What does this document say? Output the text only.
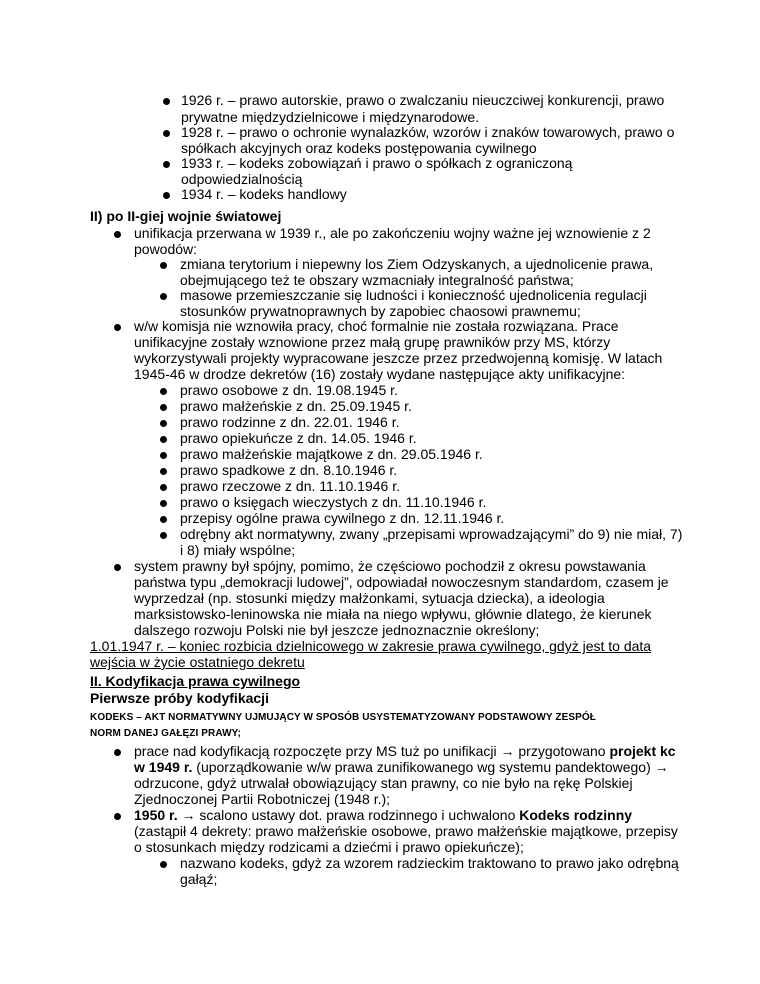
1926 r. – prawo autorskie, prawo o zwalczaniu nieuczciwej konkurencji, prawo
prywatne międzydzielnicowe i międzynarodowe.
1928 r. – prawo o ochronie wynalazków, wzorów i znaków towarowych, prawo o
spółkach akcyjnych oraz kodeks postępowania cywilnego
1933 r. – kodeks zobowiązań i prawo o spółkach z ograniczoną
odpowiedzialnością
1934 r. – kodeks handlowy
II) po II-giej wojnie światowej
unifikacja przerwana w 1939 r., ale po zakończeniu wojny ważne jej wznowienie z 2
powodów:
zmiana terytorium i niepewny los Ziem Odzyskanych, a ujednolicenie prawa,
obejmującego też te obszary wzmacniały integralność państwa;
masowe przemieszczanie się ludności i konieczność ujednolicenia regulacji
stosunków prywatnoprawnych by zapobiec chaosowi prawnemu;
w/w komisja nie wznowiła pracy, choć formalnie nie została rozwiązana. Prace
unifikacyjne zostały wznowione przez małą grupę prawników przy MS, którzy
wykorzystywali projekty wypracowane jeszcze przez przedwojenną komisję. W latach
1945-46 w drodze dekretów (16) zostały wydane następujące akty unifikacyjne:
prawo osobowe z dn. 19.08.1945 r.
prawo małżeńskie z dn. 25.09.1945 r.
prawo rodzinne z dn. 22.01. 1946 r.
prawo opiekuńcze z dn. 14.05. 1946 r.
prawo małżeńskie majątkowe z dn. 29.05.1946 r.
prawo spadkowe z dn. 8.10.1946 r.
prawo rzeczowe z dn. 11.10.1946 r.
prawo o księgach wieczystych z dn. 11.10.1946 r.
przepisy ogólne prawa cywilnego z dn. 12.11.1946 r.
odrębny akt normatywny, zwany „przepisami wprowadzającymi” do 9) nie miał, 7)
i 8) miały wspólne;
system prawny był spójny, pomimo, że częściowo pochodził z okresu powstawania
państwa typu „demokracji ludowej”, odpowiadał nowoczesnym standardom, czasem je
wyprzedzał (np. stosunki między małżonkami, sytuacja dziecka), a ideologia
marksistowsko-leninowska nie miała na niego wpływu, głównie dlatego, że kierunek
dalszego rozwoju Polski nie był jeszcze jednoznacznie określony;
1.01.1947 r. – koniec rozbicia dzielnicowego w zakresie prawa cywilnego, gdyż jest to data
wejścia w życie ostatniego dekretu
II. Kodyfikacja prawa cywilnego
Pierwsze próby kodyfikacji
KODEKS – AKT NORMATYWNY UJMUJĄCY W SPOSÓB USYSTEMATYZOWANY PODSTAWOWY ZESPÓŁ
NORM DANEJ GAŁĘZI PRAWY;
prace nad kodyfikacją rozpoczęte przy MS tuż po unifikacji → przygotowano projekt kc
w 1949 r. (uporządkowanie w/w prawa zunifikowanego wg systemu pandektowego) →
odrzucone, gdyż utrwalał obowiązujący stan prawny, co nie było na rękę Polskiej
Zjednoczonej Partii Robotniczej (1948 r.);
1950 r. → scalono ustawy dot. prawa rodzinnego i uchwalono Kodeks rodzinny
(zastąpił 4 dekrety: prawo małżeńskie osobowe, prawo małżeńskie majątkowe, przepisy
o stosunkach między rodzicami a dziećmi i prawo opiekuńcze);
nazwano kodeks, gdyż za wzorem radzieckim traktowano to prawo jako odrębną
gałąź;
